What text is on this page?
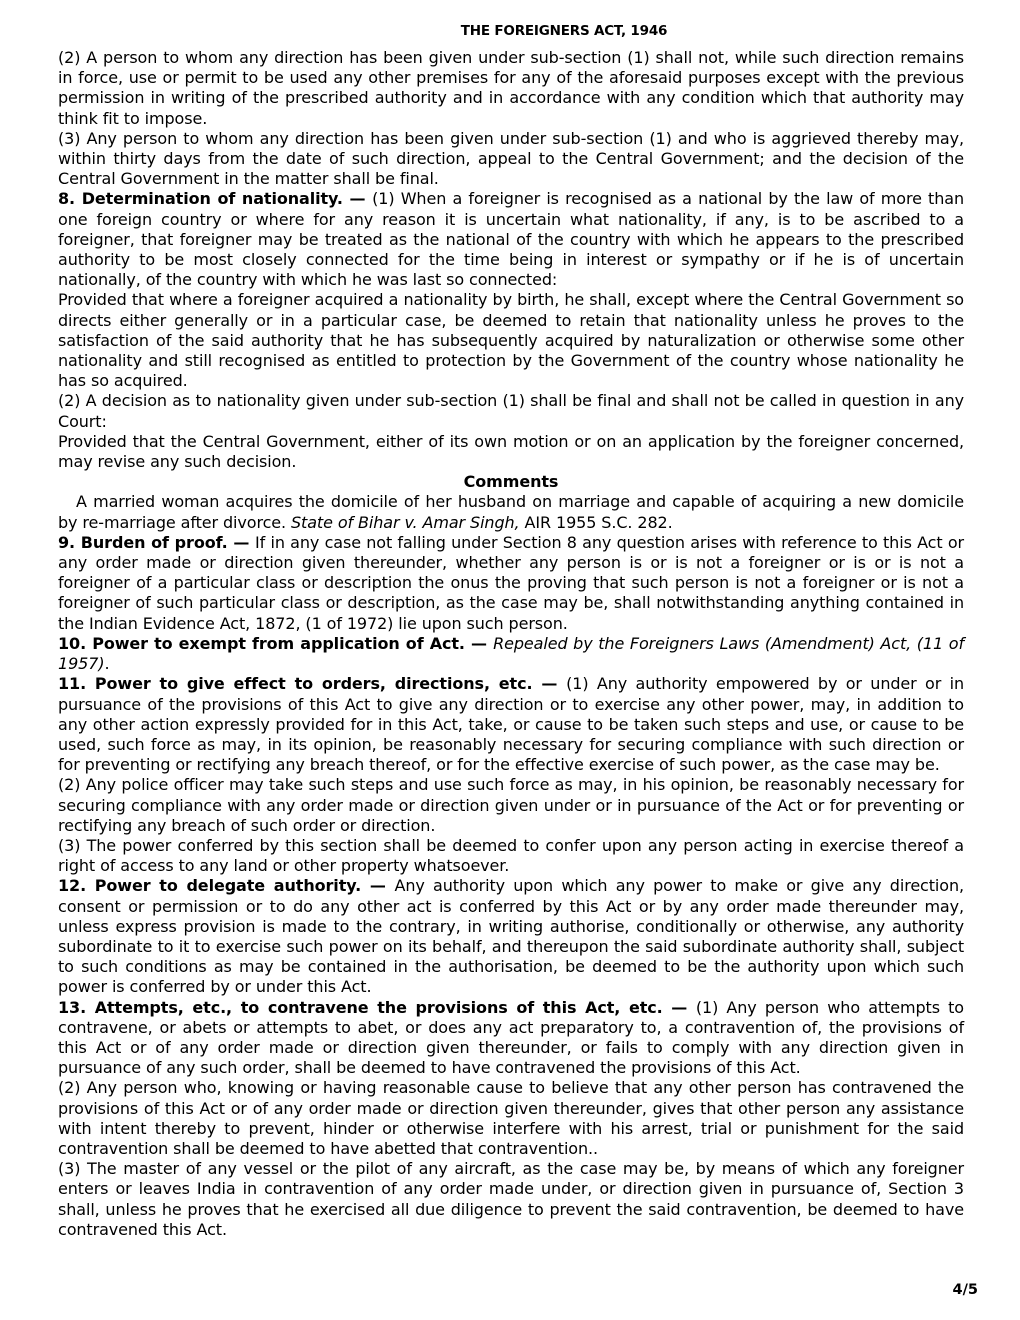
THE FOREIGNERS ACT, 1946

(2) A person to whom any direction has been given under sub-section (1) shall not, while such direction remains in force, use or permit to be used any other premises for any of the aforesaid purposes except with the previous permission in writing of the prescribed authority and in accordance with any condition which that authority may think fit to impose.

(3) Any person to whom any direction has been given under sub-section (1) and who is aggrieved thereby may, within thirty days from the date of such direction, appeal to the Central Government; and the decision of the Central Government in the matter shall be final.

8. Determination of nationality. — (1) When a foreigner is recognised as a national by the law of more than one foreign country or where for any reason it is uncertain what nationality, if any, is to be ascribed to a foreigner, that foreigner may be treated as the national of the country with which he appears to the prescribed authority to be most closely connected for the time being in interest or sympathy or if he is of uncertain nationally, of the country with which he was last so connected:

Provided that where a foreigner acquired a nationality by birth, he shall, except where the Central Government so directs either generally or in a particular case, be deemed to retain that nationality unless he proves to the satisfaction of the said authority that he has subsequently acquired by naturalization or otherwise some other nationality and still recognised as entitled to protection by the Government of the country whose nationality he has so acquired.

(2) A decision as to nationality given under sub-section (1) shall be final and shall not be called in question in any Court:

Provided that the Central Government, either of its own motion or on an application by the foreigner concerned, may revise any such decision.

Comments

A married woman acquires the domicile of her husband on marriage and capable of acquiring a new domicile by re-marriage after divorce. State of Bihar v. Amar Singh, AIR 1955 S.C. 282.

9. Burden of proof. — If in any case not falling under Section 8 any question arises with reference to this Act or any order made or direction given thereunder, whether any person is or is not a foreigner or is or is not a foreigner of a particular class or description the onus the proving that such person is not a foreigner or is not a foreigner of such particular class or description, as the case may be, shall notwithstanding anything contained in the Indian Evidence Act, 1872, (1 of 1972) lie upon such person.

10. Power to exempt from application of Act. — Repealed by the Foreigners Laws (Amendment) Act, (11 of 1957).

11. Power to give effect to orders, directions, etc. — (1) Any authority empowered by or under or in pursuance of the provisions of this Act to give any direction or to exercise any other power, may, in addition to any other action expressly provided for in this Act, take, or cause to be taken such steps and use, or cause to be used, such force as may, in its opinion, be reasonably necessary for securing compliance with such direction or for preventing or rectifying any breach thereof, or for the effective exercise of such power, as the case may be.

(2) Any police officer may take such steps and use such force as may, in his opinion, be reasonably necessary for securing compliance with any order made or direction given under or in pursuance of the Act or for preventing or rectifying any breach of such order or direction.

(3) The power conferred by this section shall be deemed to confer upon any person acting in exercise thereof a right of access to any land or other property whatsoever.

12. Power to delegate authority. — Any authority upon which any power to make or give any direction, consent or permission or to do any other act is conferred by this Act or by any order made thereunder may, unless express provision is made to the contrary, in writing authorise, conditionally or otherwise, any authority subordinate to it to exercise such power on its behalf, and thereupon the said subordinate authority shall, subject to such conditions as may be contained in the authorisation, be deemed to be the authority upon which such power is conferred by or under this Act.

13. Attempts, etc., to contravene the provisions of this Act, etc. — (1) Any person who attempts to contravene, or abets or attempts to abet, or does any act preparatory to, a contravention of, the provisions of this Act or of any order made or direction given thereunder, or fails to comply with any direction given in pursuance of any such order, shall be deemed to have contravened the provisions of this Act.

(2) Any person who, knowing or having reasonable cause to believe that any other person has contravened the provisions of this Act or of any order made or direction given thereunder, gives that other person any assistance with intent thereby to prevent, hinder or otherwise interfere with his arrest, trial or punishment for the said contravention shall be deemed to have abetted that contravention..

(3) The master of any vessel or the pilot of any aircraft, as the case may be, by means of which any foreigner enters or leaves India in contravention of any order made under, or direction given in pursuance of, Section 3 shall, unless he proves that he exercised all due diligence to prevent the said contravention, be deemed to have contravened this Act.

4/5
